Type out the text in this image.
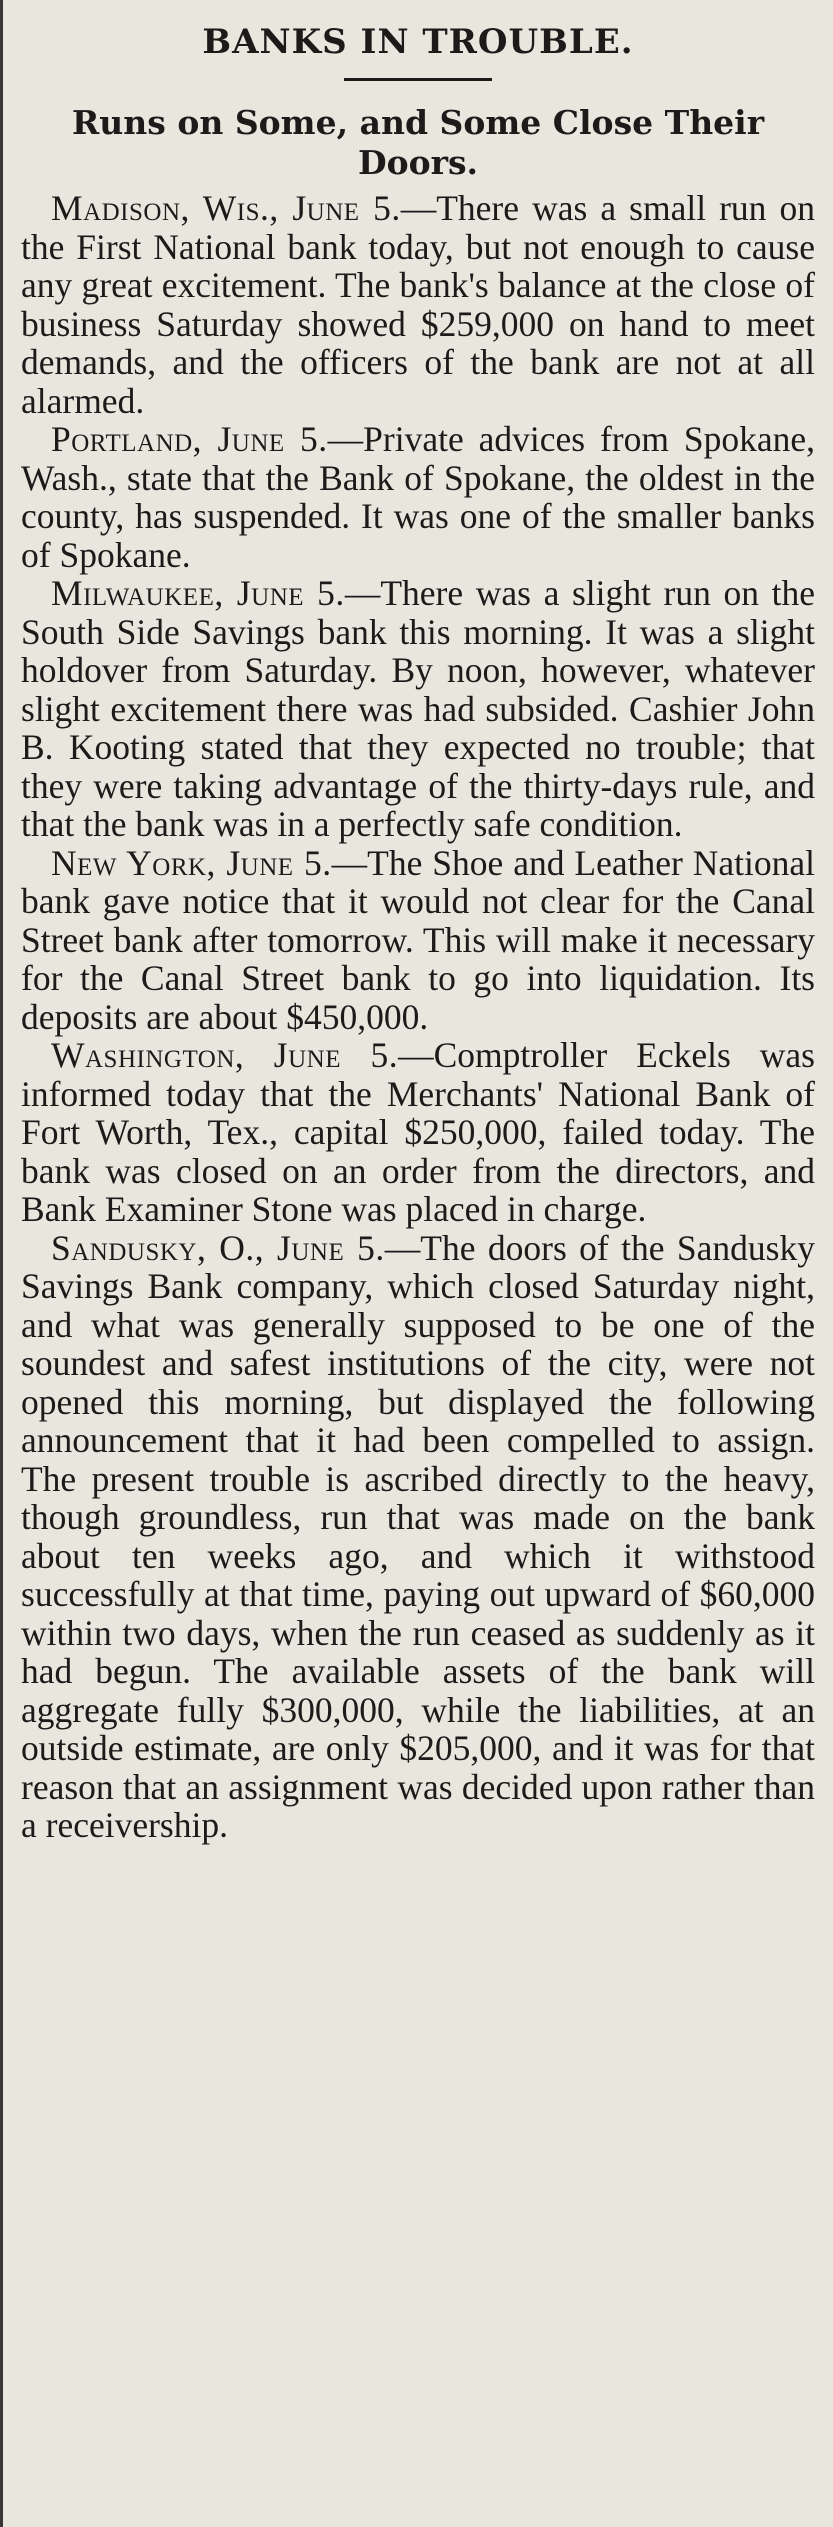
BANKS IN TROUBLE.
Runs on Some, and Some Close Their Doors.

Madison, Wis., June 5.—There was a small run on the First National bank today, but not enough to cause any great excitement. The bank's balance at the close of business Saturday showed $259,000 on hand to meet demands, and the officers of the bank are not at all alarmed.

Portland, June 5.—Private advices from Spokane, Wash., state that the Bank of Spokane, the oldest in the county, has suspended. It was one of the smaller banks of Spokane.

Milwaukee, June 5.—There was a slight run on the South Side Savings bank this morning. It was a slight holdover from Saturday. By noon, however, whatever slight excitement there was had subsided. Cashier John B. Kooting stated that they expected no trouble; that they were taking advantage of the thirty-days rule, and that the bank was in a perfectly safe condition.

New York, June 5.—The Shoe and Leather National bank gave notice that it would not clear for the Canal Street bank after tomorrow. This will make it necessary for the Canal Street bank to go into liquidation. Its deposits are about $450,000.

Washington, June 5.—Comptroller Eckels was informed today that the Merchants' National Bank of Fort Worth, Tex., capital $250,000, failed today. The bank was closed on an order from the directors, and Bank Examiner Stone was placed in charge.

Sandusky, O., June 5.—The doors of the Sandusky Savings Bank company, which closed Saturday night, and what was generally supposed to be one of the soundest and safest institutions of the city, were not opened this morning, but displayed the following announcement that it had been compelled to assign. The present trouble is ascribed directly to the heavy, though groundless, run that was made on the bank about ten weeks ago, and which it withstood successfully at that time, paying out upward of $60,000 within two days, when the run ceased as suddenly as it had begun. The available assets of the bank will aggregate fully $300,000, while the liabilities, at an outside estimate, are only $205,000, and it was for that reason that an assignment was decided upon rather than a receivership.
